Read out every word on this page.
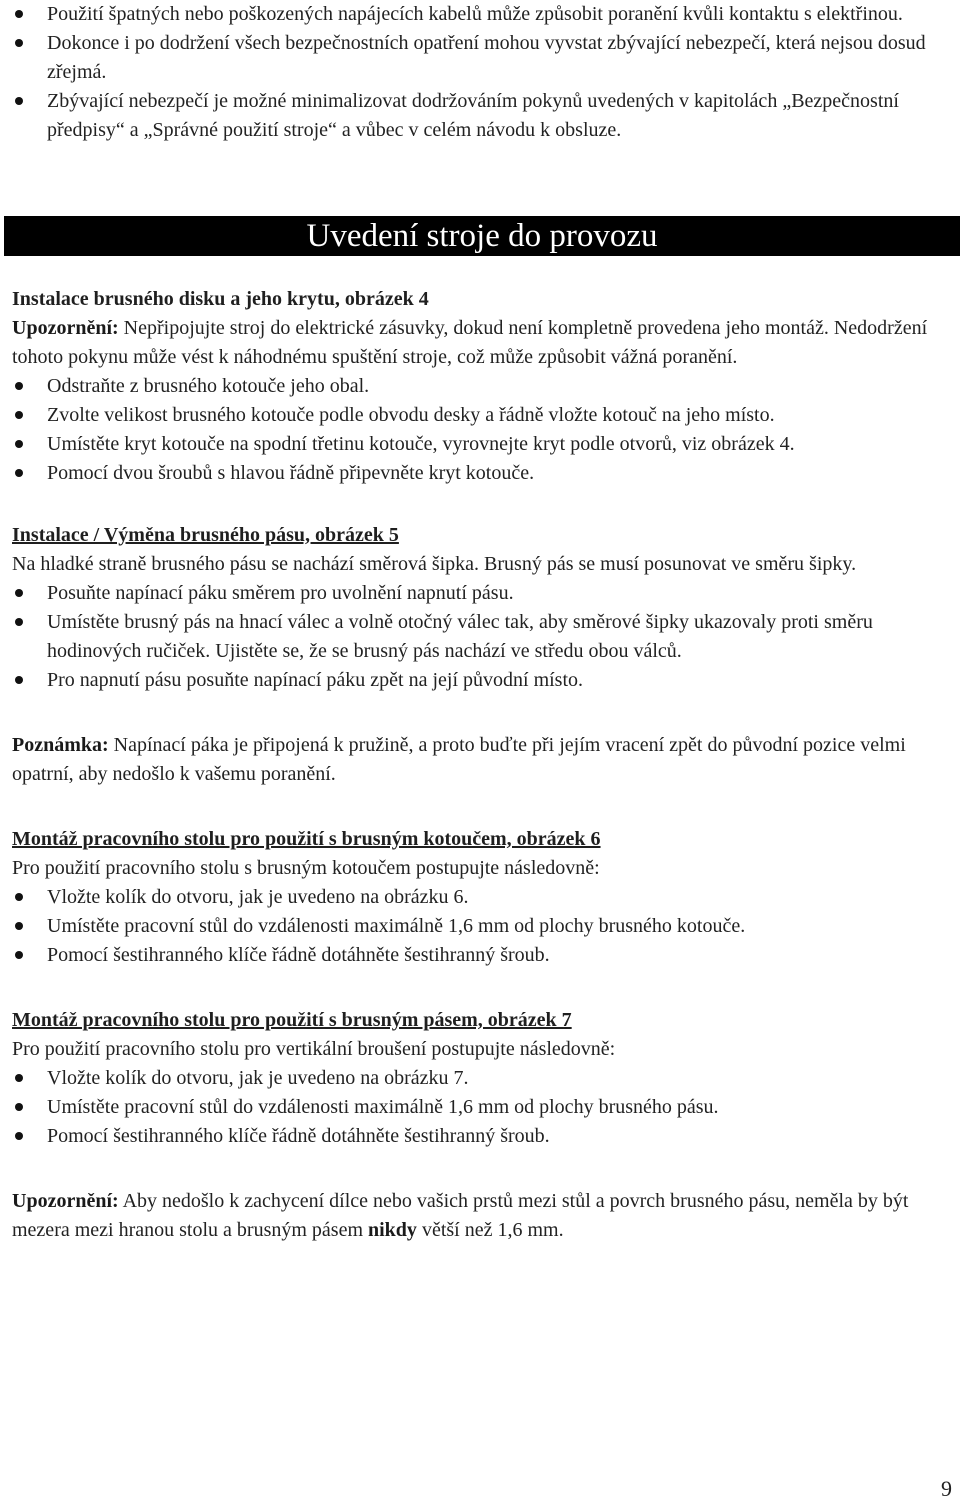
Použití špatných nebo poškozených napájecích kabelů může způsobit poranění kvůli kontaktu s elektřinou.
Dokonce i po dodržení všech bezpečnostních opatření mohou vyvstat zbývající nebezpečí, která nejsou dosud zřejmá.
Zbývající nebezpečí je možné minimalizovat dodržováním pokynů uvedených v kapitolách „Bezpečnostní předpisy“ a „Správné použití stroje“ a vůbec v celém návodu k obsluze.
Uvedení stroje do provozu

Instalace brusného disku a jeho krytu, obrázek 4

Upozornění: Nepřipojujte stroj do elektrické zásuvky, dokud není kompletně provedena jeho montáž. Nedodržení tohoto pokynu může vést k náhodnému spuštění stroje, což může způsobit vážná poranění.

Odstraňte z brusného kotouče jeho obal.
Zvolte velikost brusného kotouče podle obvodu desky a řádně vložte kotouč na jeho místo.
Umístěte kryt kotouče na spodní třetinu kotouče, vyrovnejte kryt podle otvorů, viz obrázek 4.
Pomocí dvou šroubů s hlavou řádně připevněte kryt kotouče.

Instalace / Výměna brusného pásu, obrázek 5

Na hladké straně brusného pásu se nachází směrová šipka. Brusný pás se musí posunovat ve směru šipky.

Posuňte napínací páku směrem pro uvolnění napnutí pásu.
Umístěte brusný pás na hnací válec a volně otočný válec tak, aby směrové šipky ukazovaly proti směru hodinových ručiček. Ujistěte se, že se brusný pás nachází ve středu obou válců.
Pro napnutí pásu posuňte napínací páku zpět na její původní místo.

Poznámka: Napínací páka je připojená k pružině, a proto buďte při jejím vracení zpět do původní pozice velmi opatrní, aby nedošlo k vašemu poranění.

Montáž pracovního stolu pro použití s brusným kotoučem, obrázek 6

Pro použití pracovního stolu s brusným kotoučem postupujte následovně:

Vložte kolík do otvoru, jak je uvedeno na obrázku 6.
Umístěte pracovní stůl do vzdálenosti maximálně 1,6 mm od plochy brusného kotouče.
Pomocí šestihranného klíče řádně dotáhněte šestihranný šroub.

Montáž pracovního stolu pro použití s brusným pásem, obrázek 7

Pro použití pracovního stolu pro vertikální broušení postupujte následovně:

Vložte kolík do otvoru, jak je uvedeno na obrázku 7.
Umístěte pracovní stůl do vzdálenosti maximálně 1,6 mm od plochy brusného pásu.
Pomocí šestihranného klíče řádně dotáhněte šestihranný šroub.

Upozornění: Aby nedošlo k zachycení dílce nebo vašich prstů mezi stůl a povrch brusného pásu, neměla by být mezera mezi hranou stolu a brusným pásem nikdy větší než 1,6 mm.

9
